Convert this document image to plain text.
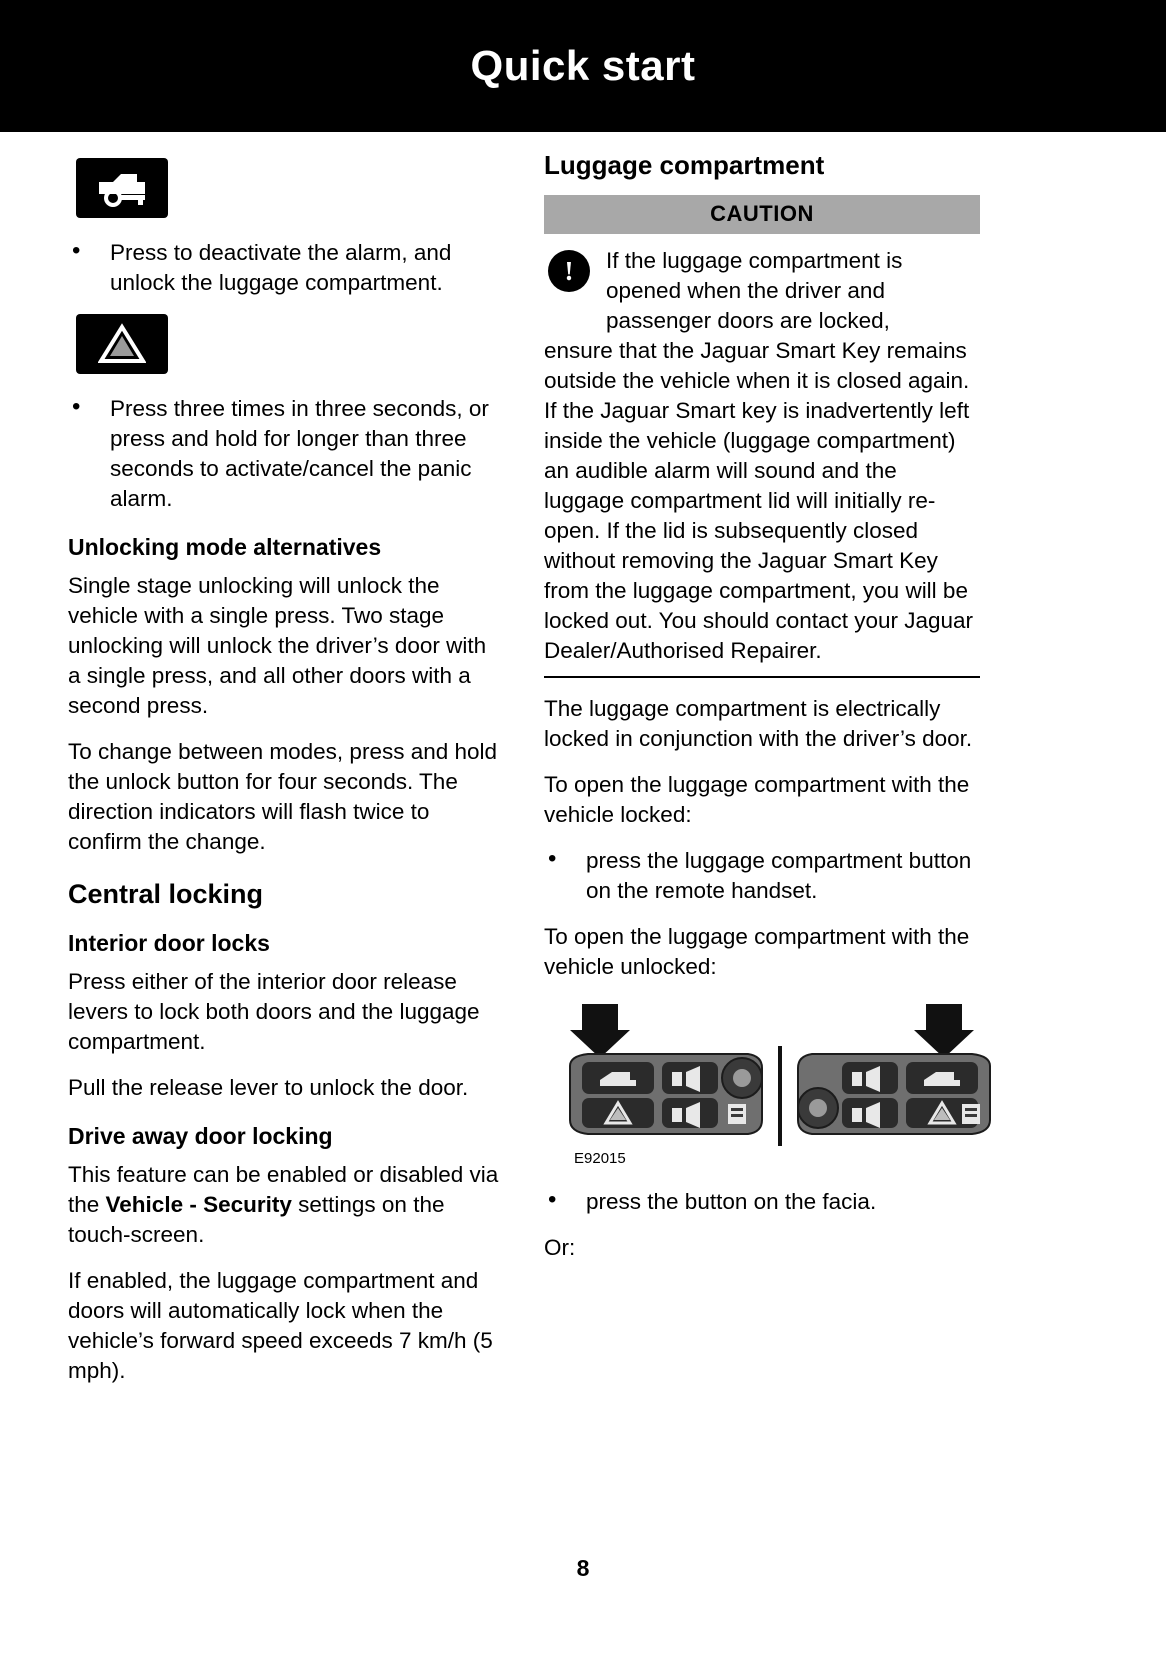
Quick start
• Press to deactivate the alarm, and unlock the luggage compartment.
• Press three times in three seconds, or press and hold for longer than three seconds to activate/cancel the panic alarm.
Unlocking mode alternatives

Single stage unlocking will unlock the vehicle with a single press. Two stage unlocking will unlock the driver’s door with a single press, and all other doors with a second press.

To change between modes, press and hold the unlock button for four seconds. The direction indicators will flash twice to confirm the change.

Central locking
Interior door locks

Press either of the interior door release levers to lock both doors and the luggage compartment.

Pull the release lever to unlock the door.

Drive away door locking

This feature can be enabled or disabled via the Vehicle - Security settings on the touch-screen.

If enabled, the luggage compartment and doors will automatically lock when the vehicle’s forward speed exceeds 7 km/h (5 mph).

Luggage compartment
CAUTION
! If the luggage compartment is opened when the driver and passenger doors are locked,

ensure that the Jaguar Smart Key remains outside the vehicle when it is closed again. If the Jaguar Smart key is inadvertently left inside the vehicle (luggage compartment) an audible alarm will sound and the luggage compartment lid will initially re-open. If the lid is subsequently closed without removing the Jaguar Smart Key from the luggage compartment, you will be locked out. You should contact your Jaguar Dealer/Authorised Repairer.

The luggage compartment is electrically locked in conjunction with the driver’s door.

To open the luggage compartment with the vehicle locked:

• press the luggage compartment button on the remote handset.

To open the luggage compartment with the vehicle unlocked:

E92015
• press the button on the facia.

Or:

8
